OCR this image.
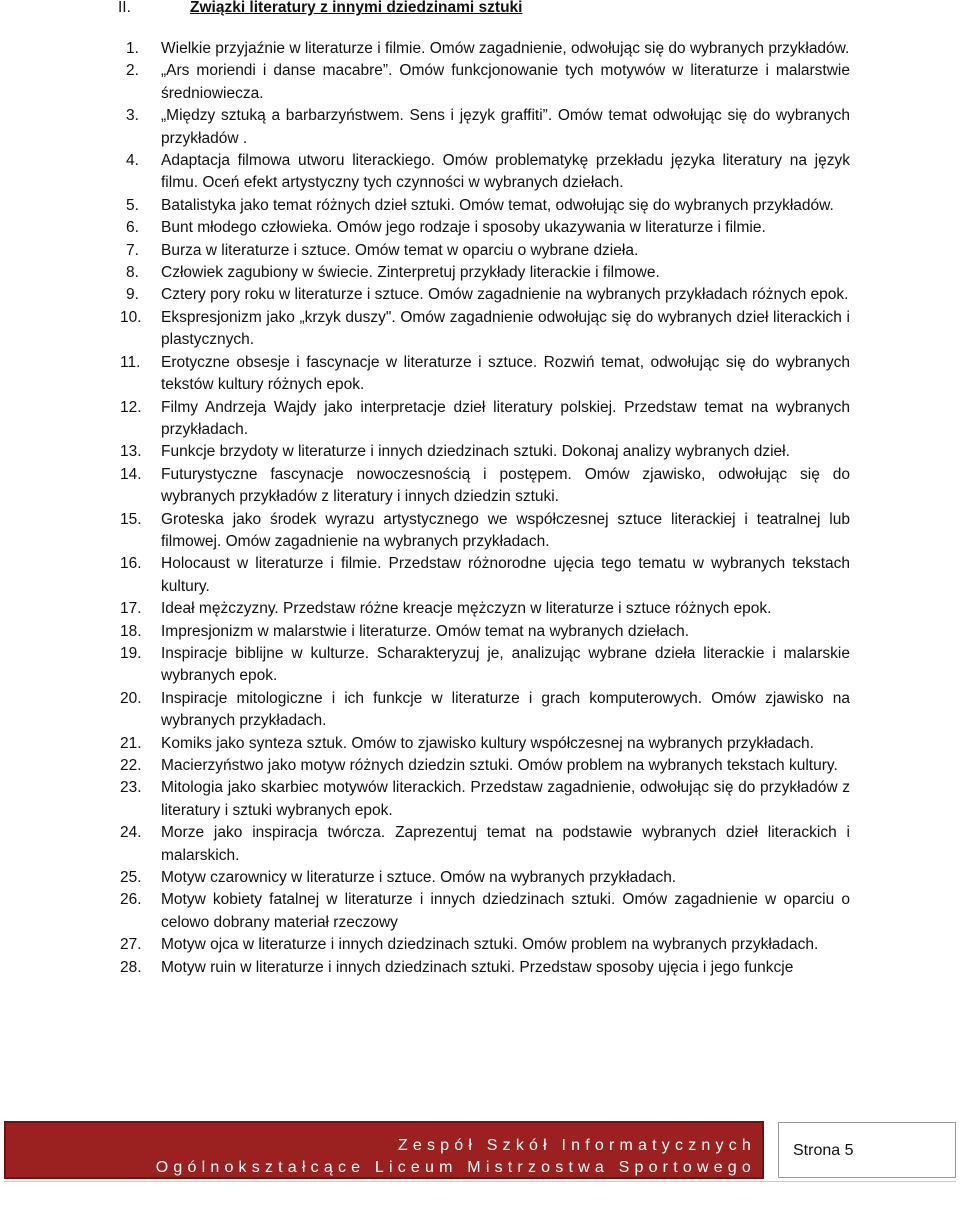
II.	Związki literatury z innymi dziedzinami sztuki
1. Wielkie przyjaźnie w literaturze i filmie. Omów zagadnienie, odwołując się do wybranych przykładów.
2. „Ars moriendi i danse macabre”. Omów funkcjonowanie tych motywów w literaturze i malarstwie średniowiecza.
3. „Między sztuką a barbarzyństwem. Sens i język graffiti”. Omów temat odwołując się do wybranych przykładów .
4. Adaptacja filmowa utworu literackiego. Omów problematykę przekładu języka literatury na język filmu. Oceń efekt artystyczny tych czynności w wybranych dziełach.
5. Batalistyka jako temat różnych dzieł sztuki. Omów temat, odwołując się do wybranych przykładów.
6. Bunt młodego człowieka. Omów jego rodzaje i sposoby ukazywania w literaturze i filmie.
7. Burza w literaturze i sztuce. Omów temat w oparciu o wybrane dzieła.
8. Człowiek zagubiony w świecie. Zinterpretuj przykłady literackie i filmowe.
9. Cztery pory roku w literaturze i sztuce. Omów zagadnienie na wybranych przykładach różnych epok.
10. Ekspresjonizm jako „krzyk duszy". Omów zagadnienie odwołując się do wybranych dzieł literackich i plastycznych.
11. Erotyczne obsesje i fascynacje w literaturze i sztuce. Rozwiń temat, odwołując się do wybranych tekstów kultury różnych epok.
12. Filmy Andrzeja Wajdy jako interpretacje dzieł literatury polskiej. Przedstaw temat na wybranych przykładach.
13. Funkcje brzydoty w literaturze i innych dziedzinach sztuki. Dokonaj analizy wybranych dzieł.
14. Futurystyczne fascynacje nowoczesnością i postępem. Omów zjawisko, odwołując się do wybranych przykładów z literatury i innych dziedzin sztuki.
15. Groteska jako środek wyrazu artystycznego we współczesnej sztuce literackiej i teatralnej lub filmowej. Omów zagadnienie na wybranych przykładach.
16. Holocaust w literaturze i filmie. Przedstaw różnorodne ujęcia tego tematu w wybranych tekstach kultury.
17. Ideał mężczyzny. Przedstaw różne kreacje mężczyzn w literaturze i sztuce różnych epok.
18. Impresjonizm w malarstwie i literaturze. Omów temat na wybranych dziełach.
19. Inspiracje biblijne w kulturze. Scharakteryzuj je, analizując wybrane dzieła literackie i malarskie wybranych epok.
20. Inspiracje mitologiczne i ich funkcje w literaturze i grach komputerowych. Omów zjawisko na wybranych przykładach.
21. Komiks jako synteza sztuk. Omów to zjawisko kultury współczesnej na wybranych przykładach.
22. Macierzyństwo jako motyw różnych dziedzin sztuki. Omów problem na wybranych tekstach kultury.
23. Mitologia jako skarbiec motywów literackich. Przedstaw zagadnienie, odwołując się do przykładów z literatury i sztuki wybranych epok.
24. Morze jako inspiracja twórcza. Zaprezentuj temat na podstawie wybranych dzieł literackich i malarskich.
25. Motyw czarownicy w literaturze i sztuce. Omów na wybranych przykładach.
26. Motyw kobiety fatalnej w literaturze i innych dziedzinach sztuki. Omów zagadnienie w oparciu o celowo dobrany materiał rzeczowy
27. Motyw ojca w literaturze i innych dziedzinach sztuki. Omów problem na wybranych przykładach.
28. Motyw ruin w literaturze i innych dziedzinach sztuki. Przedstaw sposoby ujęcia i jego funkcje
Zespół Szkół Informatycznych
Ogólnokształcące Liceum Mistrzostwa Sportowego
Strona 5
